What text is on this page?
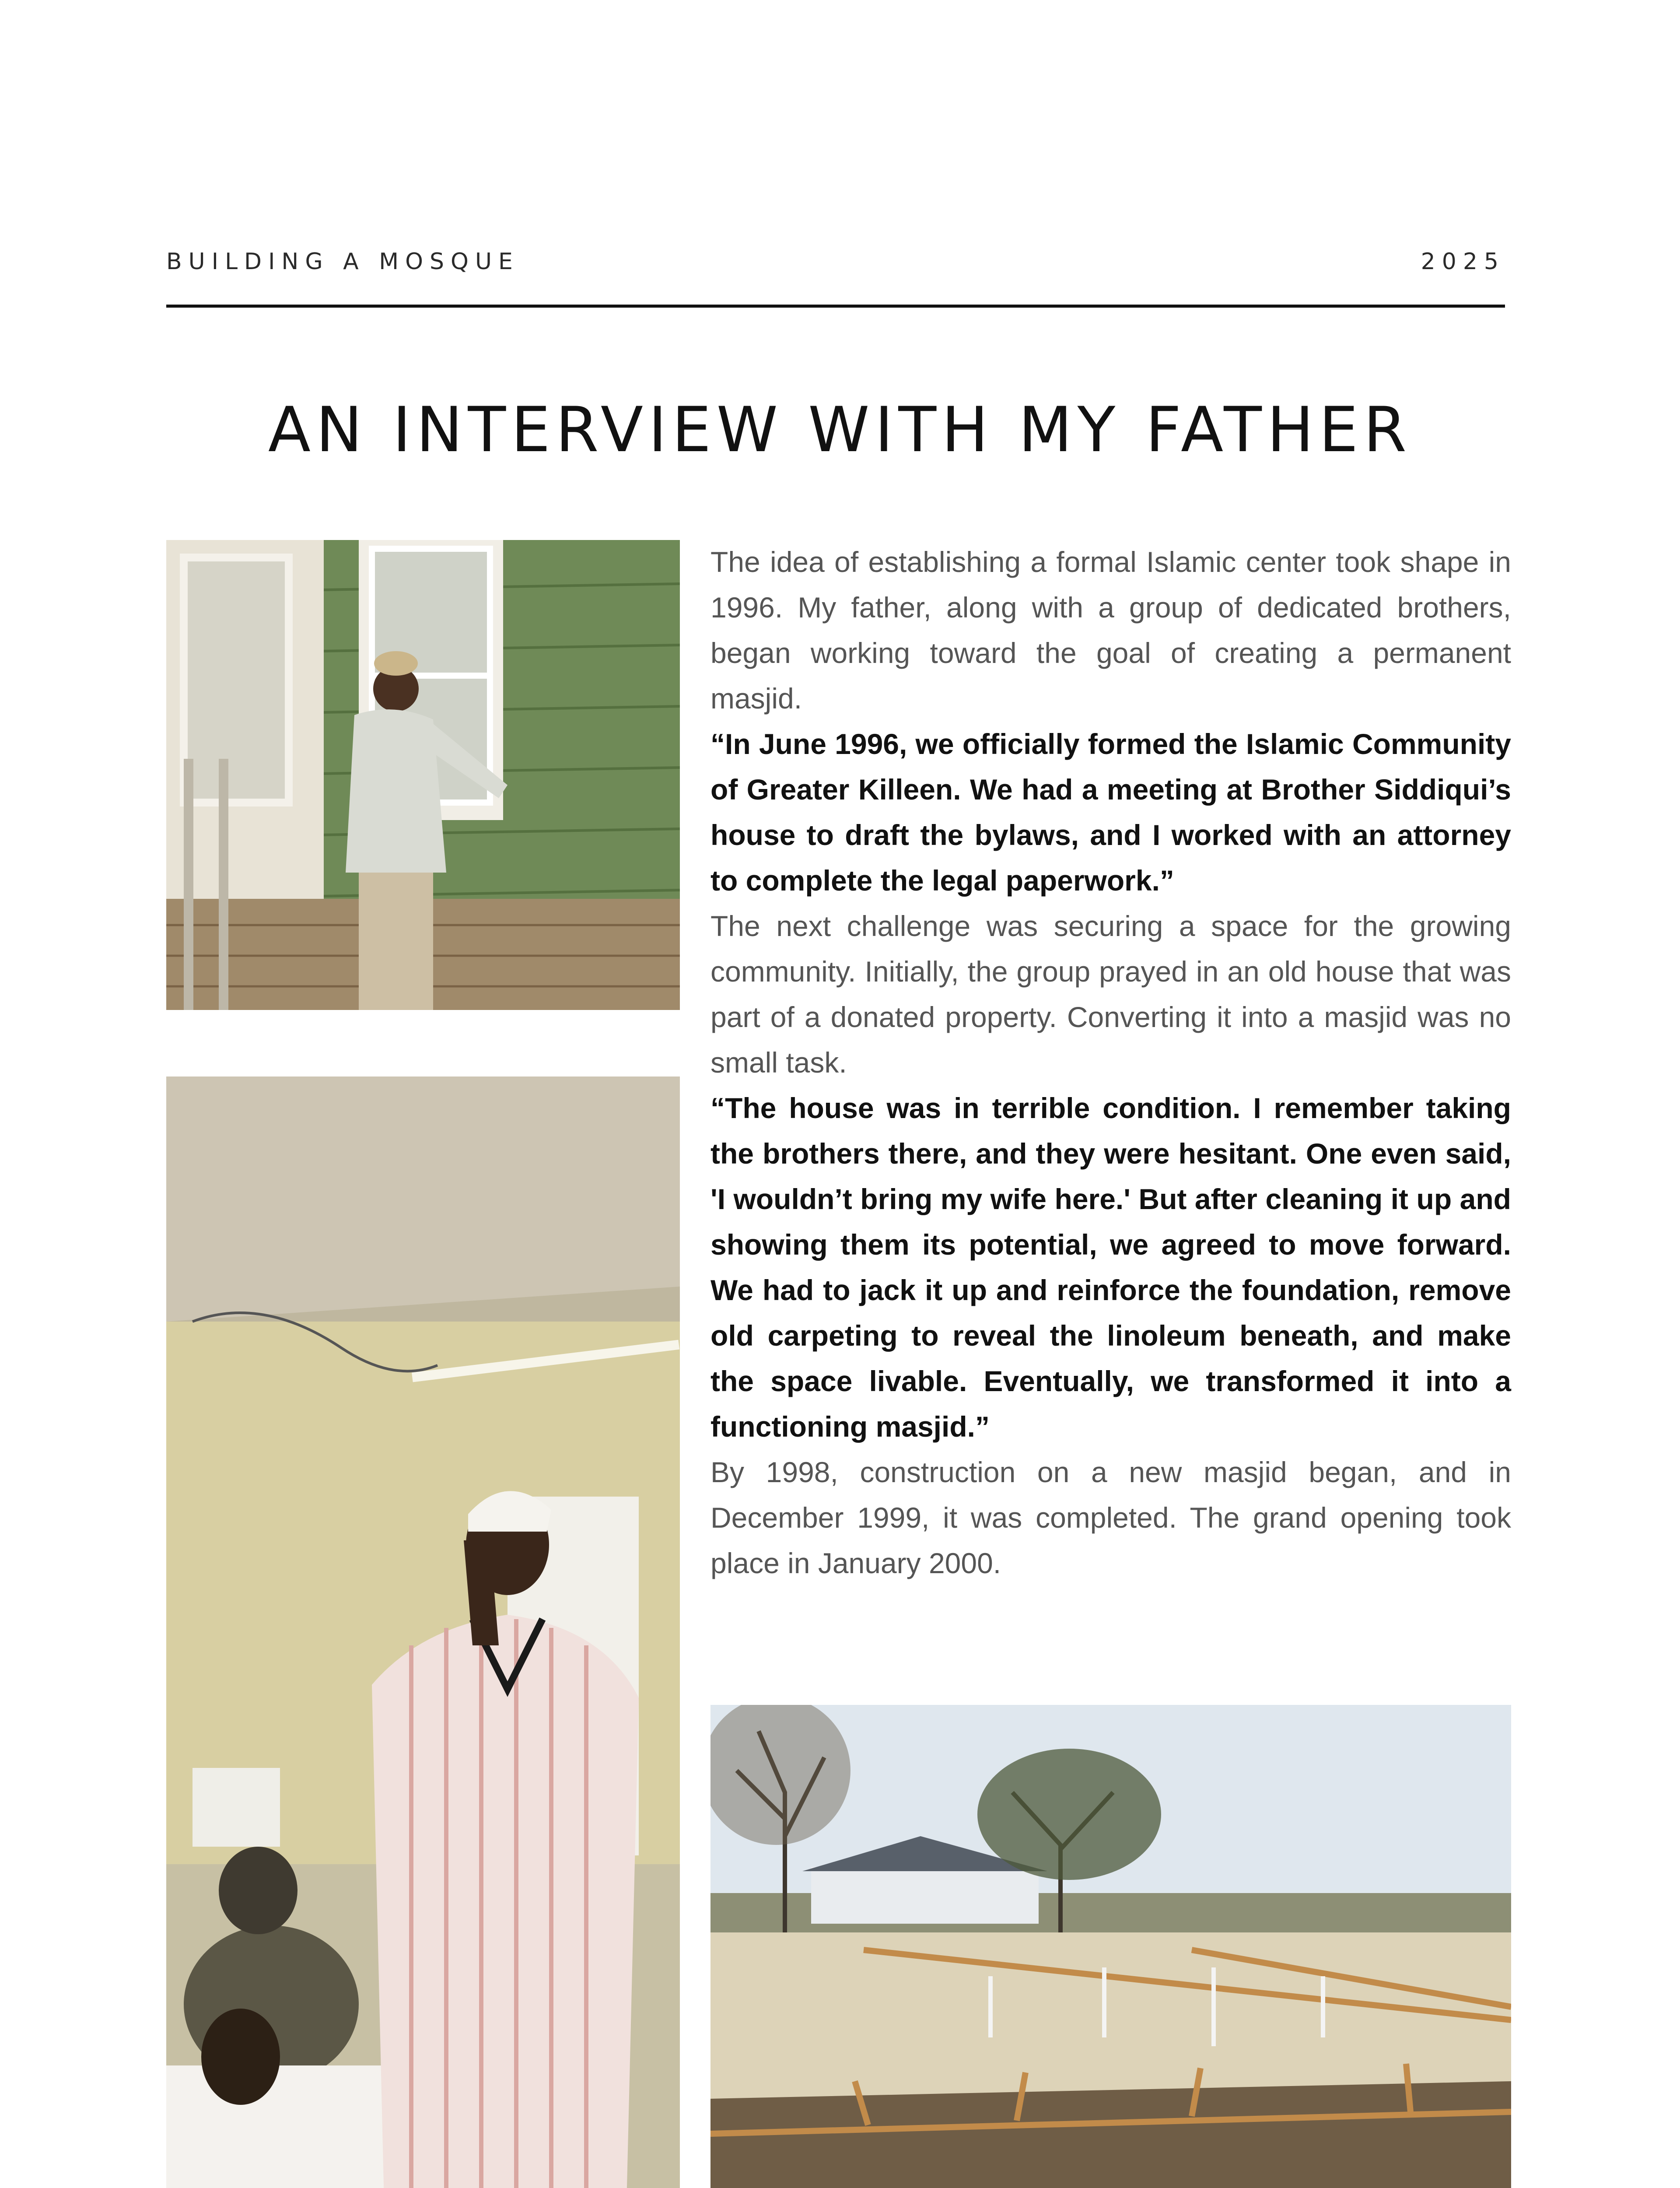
BUILDING A MOSQUE	2025
AN INTERVIEW WITH MY FATHER

The idea of establishing a formal Islamic center took shape in 1996. My father, along with a group of dedicated brothers, began working toward the goal of creating a permanent masjid.

“In June 1996, we officially formed the Islamic Community of Greater Killeen. We had a meeting at Brother Siddiqui’s house to draft the bylaws, and I worked with an attorney to complete the legal paperwork.”

The next challenge was securing a space for the growing community. Initially, the group prayed in an old house that was part of a donated property. Converting it into a masjid was no small task.

“The house was in terrible condition. I remember taking the brothers there, and they were hesitant. One even said, 'I wouldn’t bring my wife here.' But after cleaning it up and showing them its potential, we agreed to move forward. We had to jack it up and reinforce the foundation, remove old carpeting to reveal the linoleum beneath, and make the space livable. Eventually, we transformed it into a functioning masjid.”

By 1998, construction on a new masjid began, and in December 1999, it was completed. The grand opening took place in January 2000.
